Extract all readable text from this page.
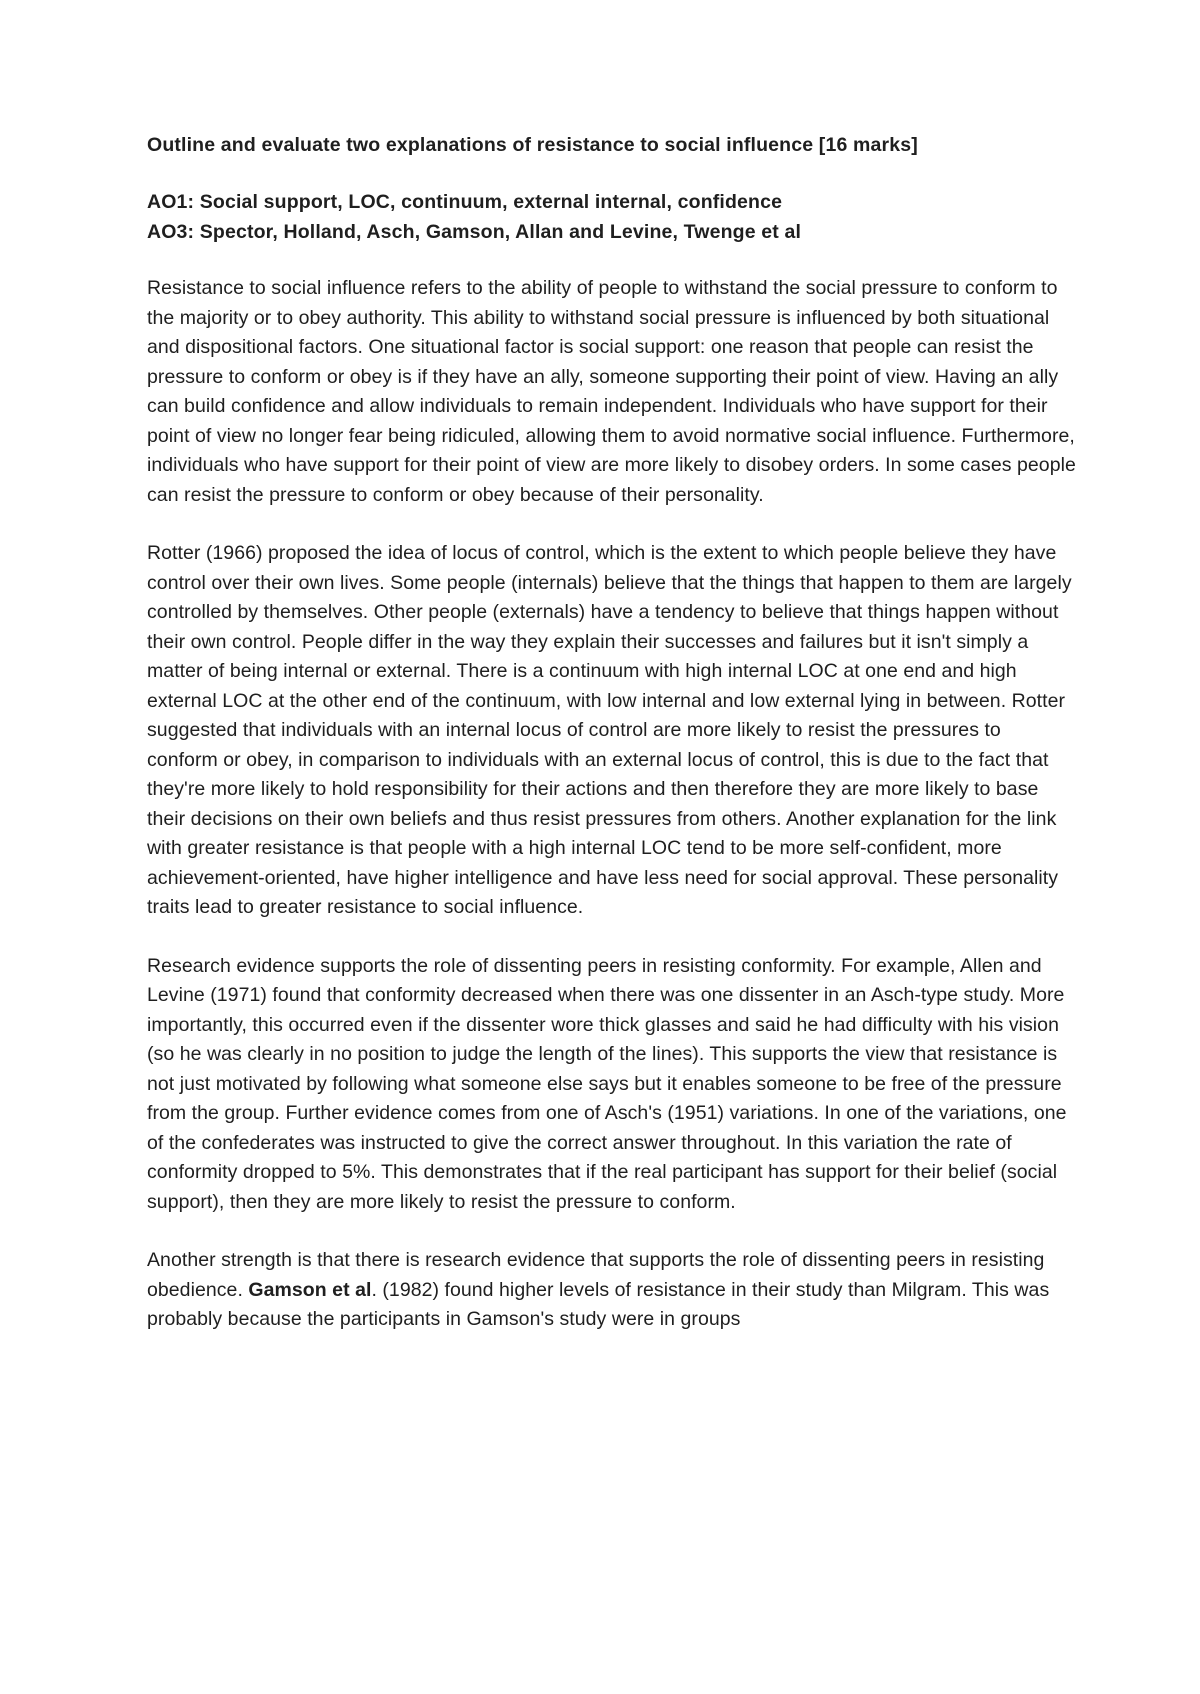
Outline and evaluate two explanations of resistance to social influence [16 marks]

AO1: Social support, LOC, continuum, external internal, confidence

AO3: Spector, Holland, Asch, Gamson, Allan and Levine, Twenge et al

Resistance to social influence refers to the ability of people to withstand the social pressure to conform to the majority or to obey authority. This ability to withstand social pressure is influenced by both situational and dispositional factors. One situational factor is social support: one reason that people can resist the pressure to conform or obey is if they have an ally, someone supporting their point of view. Having an ally can build confidence and allow individuals to remain independent. Individuals who have support for their point of view no longer fear being ridiculed, allowing them to avoid normative social influence. Furthermore, individuals who have support for their point of view are more likely to disobey orders. In some cases people can resist the pressure to conform or obey because of their personality.

Rotter (1966) proposed the idea of locus of control, which is the extent to which people believe they have control over their own lives. Some people (internals) believe that the things that happen to them are largely controlled by themselves. Other people (externals) have a tendency to believe that things happen without their own control. People differ in the way they explain their successes and failures but it isn't simply a matter of being internal or external. There is a continuum with high internal LOC at one end and high external LOC at the other end of the continuum, with low internal and low external lying in between. Rotter suggested that individuals with an internal locus of control are more likely to resist the pressures to conform or obey, in comparison to individuals with an external locus of control, this is due to the fact that they're more likely to hold responsibility for their actions and then therefore they are more likely to base their decisions on their own beliefs and thus resist pressures from others. Another explanation for the link with greater resistance is that people with a high internal LOC tend to be more self-confident, more achievement-oriented, have higher intelligence and have less need for social approval. These personality traits lead to greater resistance to social influence.

Research evidence supports the role of dissenting peers in resisting conformity. For example, Allen and Levine (1971) found that conformity decreased when there was one dissenter in an Asch-type study. More importantly, this occurred even if the dissenter wore thick glasses and said he had difficulty with his vision (so he was clearly in no position to judge the length of the lines). This supports the view that resistance is not just motivated by following what someone else says but it enables someone to be free of the pressure from the group. Further evidence comes from one of Asch's (1951) variations. In one of the variations, one of the confederates was instructed to give the correct answer throughout. In this variation the rate of conformity dropped to 5%. This demonstrates that if the real participant has support for their belief (social support), then they are more likely to resist the pressure to conform.

Another strength is that there is research evidence that supports the role of dissenting peers in resisting obedience. Gamson et al. (1982) found higher levels of resistance in their study than Milgram. This was probably because the participants in Gamson's study were in groups
